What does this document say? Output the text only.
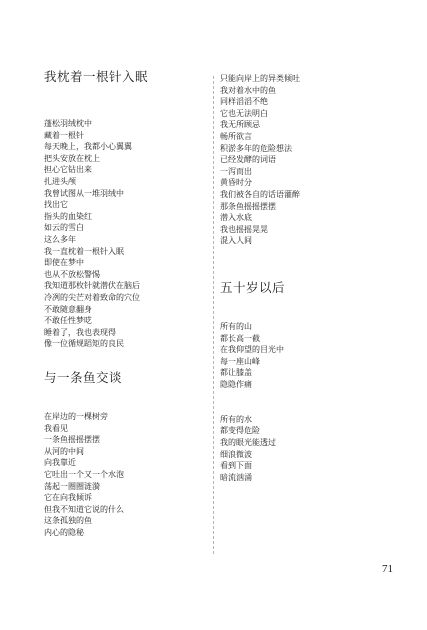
我枕着一根针入眠
蓬松羽绒枕中
藏着一根针
每天晚上，我都小心翼翼
把头安放在枕上
担心它钻出来
扎进头颅
我曾试图从一堆羽绒中
找出它
指头的血染红
如云的雪白
这么多年
我一直枕着一根针入眠
即使在梦中
也从不放松警惕
我知道那枚针就潜伏在脑后
冷冽的尖芒对着致命的穴位
不敢随意翻身
不敢任性梦呓
睡着了，我也表现得
像一位循规蹈矩的良民
与一条鱼交谈
在岸边的一棵树旁
我看见
一条鱼摇摇摆摆
从河的中间
向我靠近
它吐出一个又一个水泡
荡起一圈圈涟漪
它在向我倾诉
但我不知道它说的什么
这条孤独的鱼
内心的隐秘
只能向岸上的异类倾吐
我对着水中的鱼
同样滔滔不绝
它也无法明白
我无所顾忌
畅所欲言
积淤多年的危险想法
已经发酵的词语
一泻而出
黄昏时分
我们被各自的话语灌醉
那条鱼摇摇摆摆
潜入水底
我也摇摇晃晃
混入人间
五十岁以后
所有的山
都长高一截
在我仰望的目光中
每一座山峰
都让膝盖
隐隐作痛
所有的水
都变得危险
我的眼光能透过
细浪微波
看到下面
暗流汹涌
71
